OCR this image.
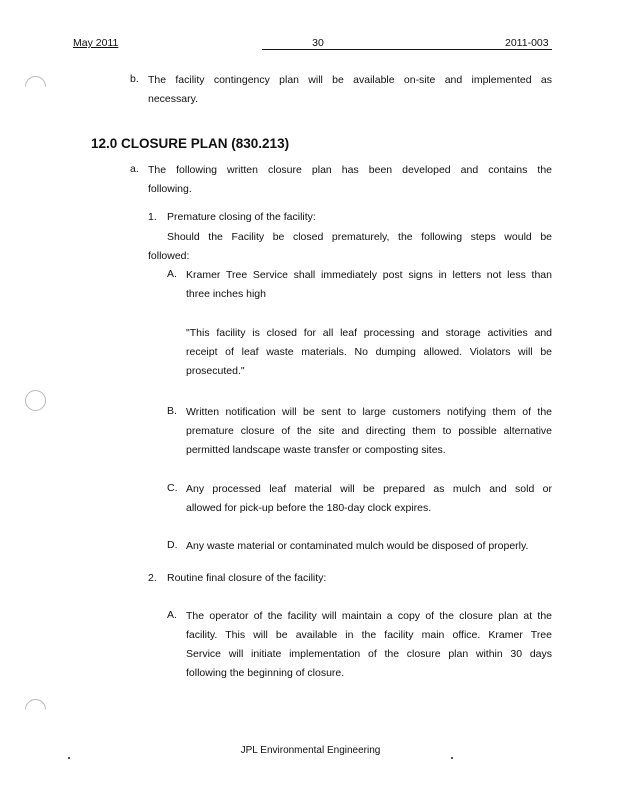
May 2011	30	2011-003
b. The facility contingency plan will be available on-site and implemented as
necessary.
12.0 CLOSURE PLAN (830.213)
a. The following written closure plan has been developed and contains the
following.
1. Premature closing of the facility:
Should the Facility be closed prematurely, the following steps would be
followed:
A. Kramer Tree Service shall immediately post signs in letters not less than
three inches high
"This facility is closed for all leaf processing and storage activities and
receipt of leaf waste materials. No dumping allowed. Violators will be
prosecuted."
B. Written notification will be sent to large customers notifying them of the
premature closure of the site and directing them to possible alternative
permitted landscape waste transfer or composting sites.
C. Any processed leaf material will be prepared as mulch and sold or
allowed for pick-up before the 180-day clock expires.
D. Any waste material or contaminated mulch would be disposed of properly.
2. Routine final closure of the facility:
A. The operator of the facility will maintain a copy of the closure plan at the
facility. This will be available in the facility main office. Kramer Tree
Service will initiate implementation of the closure plan within 30 days
following the beginning of closure.
JPL Environmental Engineering
